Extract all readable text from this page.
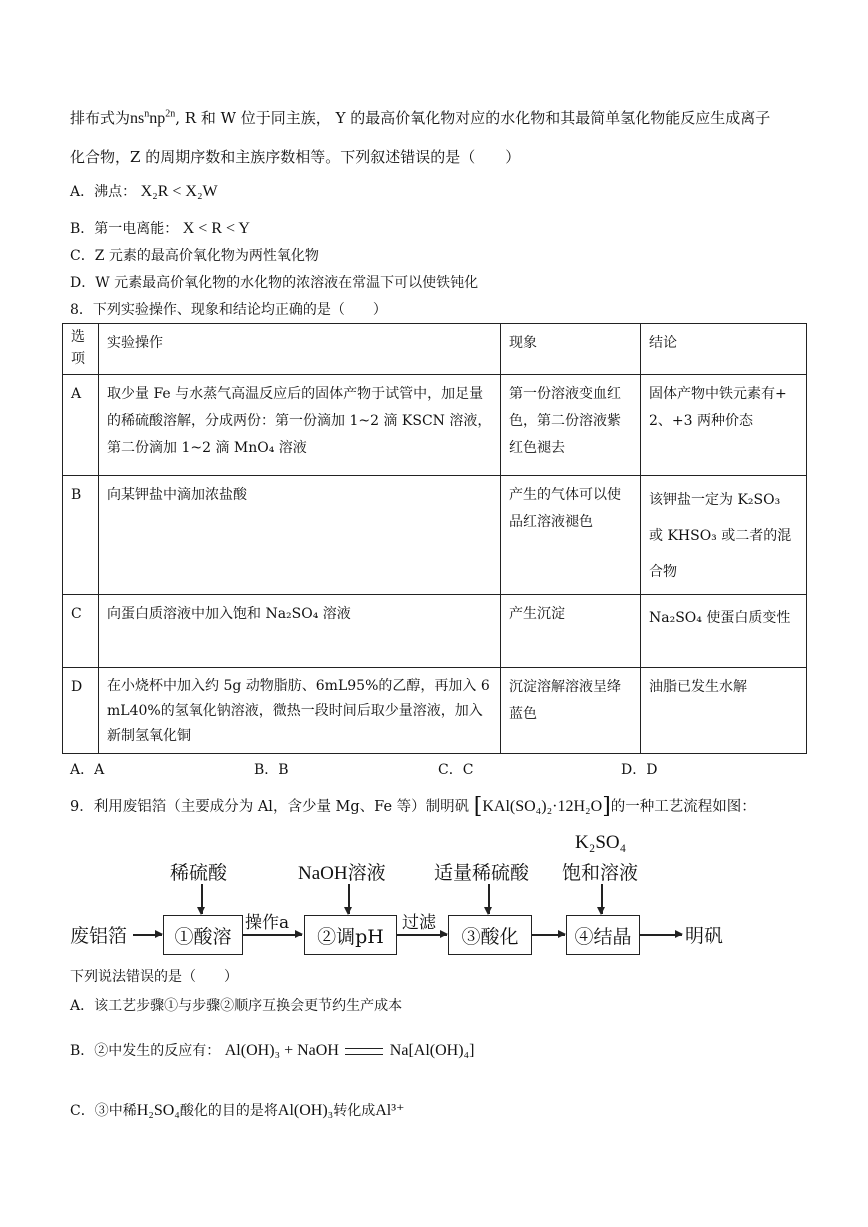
排布式为$ns^nnp^{2n}$, R 和 W 位于同主族， Y 的最高价氧化物对应的水化物和其最简单氢化物能反应生成离子
化合物，Z 的周期序数和主族序数相等。下列叙述错误的是（　　）
A．沸点： X₂R < X₂W
B．第一电离能： X < R < Y
C．Z 元素的最高价氧化物为两性氧化物
D．W 元素最高价氧化物的水化物的浓溶液在常温下可以使铁钝化
8．下列实验操作、现象和结论均正确的是（　　）
选项	实验操作	现象	结论
A	取少量 Fe 与水蒸气高温反应后的固体产物于试管中，加足量的稀硫酸溶解，分成两份：第一份滴加 1~2 滴 KSCN 溶液，第二份滴加 1~2 滴 MnO₄ 溶液	第一份溶液变血红色，第二份溶液紫红色褪去	固体产物中铁元素有+2、+3 两种价态
B	向某钾盐中滴加浓盐酸	产生的气体可以使品红溶液褪色	该钾盐一定为 K₂SO₃ 或 KHSO₃ 或二者的混合物
C	向蛋白质溶液中加入饱和 Na₂SO₄ 溶液	产生沉淀	Na₂SO₄ 使蛋白质变性
D	在小烧杯中加入约 5g 动物脂肪、6mL95%的乙醇，再加入 6mL40%的氢氧化钠溶液，微热一段时间后取少量溶液，加入新制氢氧化铜	沉淀溶解溶液呈绛蓝色	油脂已发生水解
A．A	B．B	C．C	D．D
9．利用废铝箔（主要成分为 Al，含少量 Mg、Fe 等）制明矾 [KAl(SO₄)₂·12H₂O]的一种工艺流程如图：
废铝箔	①酸溶
操作a
②调pH
过滤
③酸化	④结晶	明矾
稀硫酸	NaOH溶液	适量稀硫酸
K₂SO₄
饱和溶液
下列说法错误的是（　　）
A．该工艺步骤①与步骤②顺序互换会更节约生产成本
B．②中发生的反应有： Al(OH)₃ + NaOH	Na[Al(OH)₄]
C．③中稀H₂SO₄酸化的目的是将Al(OH)₃转化成Al³⁺
